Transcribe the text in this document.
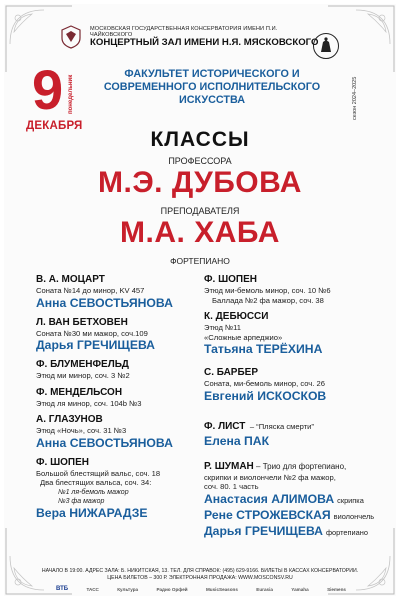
МОСКОВСКАЯ ГОСУДАРСТВЕННАЯ КОНСЕРВАТОРИЯ ИМЕНИ П.И. ЧАЙКОВСКОГО
КОНЦЕРТНЫЙ ЗАЛ ИМЕНИ Н.Я. МЯСКОВСКОГО
сезон 2024–2025
9 понедельник
ДЕКАБРЯ
ФАКУЛЬТЕТ ИСТОРИЧЕСКОГО И СОВРЕМЕННОГО ИСПОЛНИТЕЛЬСКОГО ИСКУССТВА
КЛАССЫ
ПРОФЕССОРА
М.Э. ДУБОВА
ПРЕПОДАВАТЕЛЯ
М.А. ХАБА
ФОРТЕПИАНО
В. А. МОЦАРТ
Соната №14 до минор, KV 457
Анна СЕВОСТЬЯНОВА
Л. ВАН БЕТХОВЕН
Соната №30 ми мажор, соч.109
Дарья ГРЕЧИЩЕВА
Ф. БЛУМЕНФЕЛЬД
Этюд ми минор, соч. 3 №2
Ф. МЕНДЕЛЬСОН
Этюд ля минор, соч. 104b №3
А. ГЛАЗУНОВ
Этюд «Ночь», соч. 31 №3
Анна СЕВОСТЬЯНОВА
Ф. ШОПЕН
Большой блестящий вальс, соч. 18
Два блестящих вальса, соч. 34:
№1 ля-бемоль мажор
№3 фа мажор
Вера НИЖАРАДЗЕ
Ф. ШОПЕН
Этюд ми-бемоль минор, соч. 10 №6
Баллада №2 фа мажор, соч. 38
К. ДЕБЮССИ
Этюд №11
«Сложные арпеджио»
Татьяна ТЕРЁХИНА
С. БАРБЕР
Соната, ми-бемоль минор, соч. 26
Евгений ИСКОСКОВ
Ф. ЛИСТ – “Пляска смерти”
Елена ПАК
Р. ШУМАН – Трио для фортепиано,
скрипки и виолончели №2 фа мажор,
соч. 80. 1 часть
Анастасия АЛИМОВА скрипка
Рене СТРОЖЕВСКАЯ виолончель
Дарья ГРЕЧИЩЕВА фортепиано
НАЧАЛО В 19:00. АДРЕС ЗАЛА: Б. НИКИТСКАЯ, 13. ТЕЛ. ДЛЯ СПРАВОК: (495) 629-9166. БИЛЕТЫ В КАССАХ КОНСЕРВАТОРИИ.
ЦЕНА БИЛЕТОВ – 300 Р. ЭЛЕКТРОННАЯ ПРОДАЖА: WWW.MOSCONSV.RU
ВТБ	ТАСС	Культура	Радио Орфей	MusicSeasons	Eurasia	Yamaha	Siemens
